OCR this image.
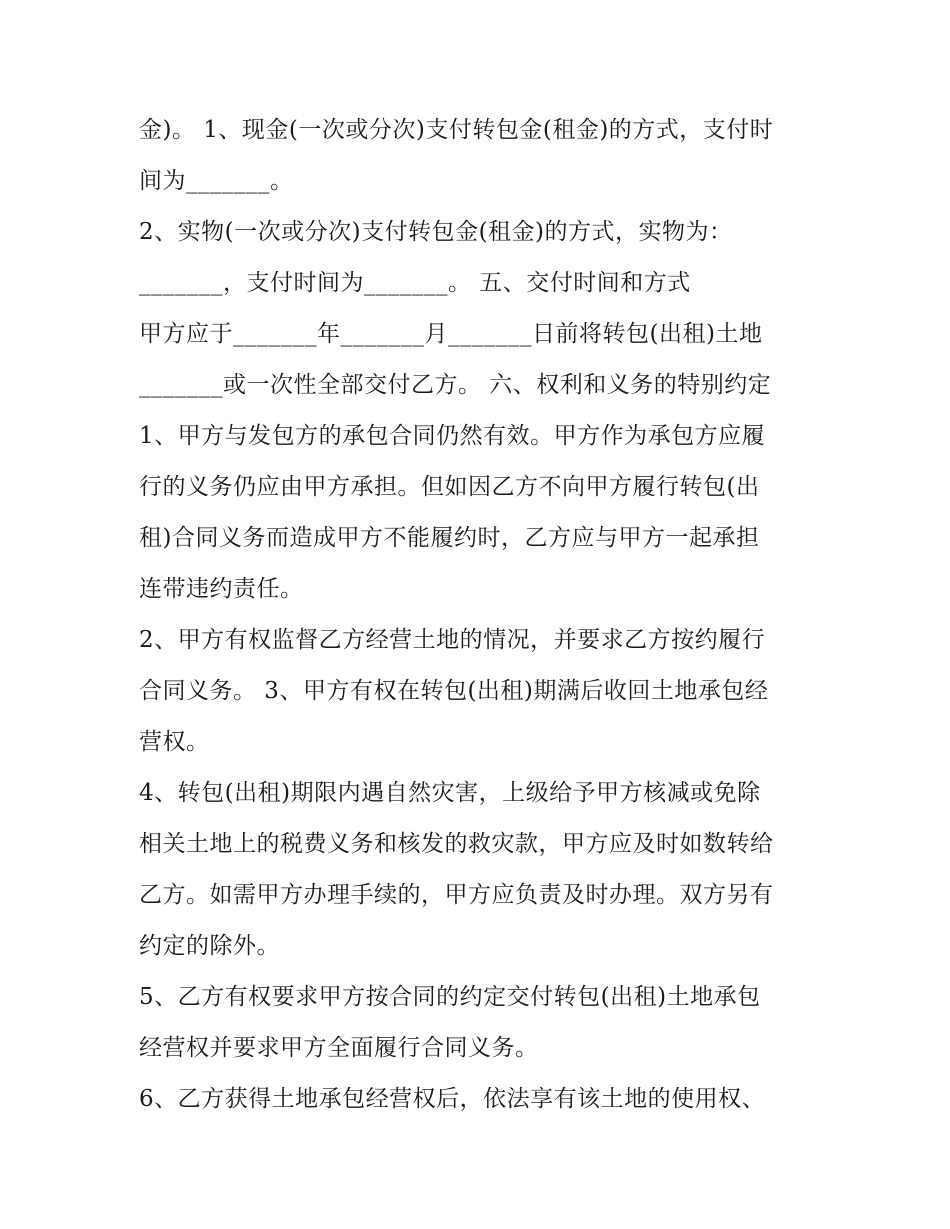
金)。 1、现金(一次或分次)支付转包金(租金)的方式，支付时
间为_______。
2、实物(一次或分次)支付转包金(租金)的方式，实物为：
_______，支付时间为_______。 五、交付时间和方式
甲方应于_______年_______月_______日前将转包(出租)土地
_______或一次性全部交付乙方。 六、权利和义务的特别约定
1、甲方与发包方的承包合同仍然有效。甲方作为承包方应履
行的义务仍应由甲方承担。但如因乙方不向甲方履行转包(出
租)合同义务而造成甲方不能履约时，乙方应与甲方一起承担
连带违约责任。
2、甲方有权监督乙方经营土地的情况，并要求乙方按约履行
合同义务。 3、甲方有权在转包(出租)期满后收回土地承包经
营权。
4、转包(出租)期限内遇自然灾害，上级给予甲方核减或免除
相关土地上的税费义务和核发的救灾款，甲方应及时如数转给
乙方。如需甲方办理手续的，甲方应负责及时办理。双方另有
约定的除外。
5、乙方有权要求甲方按合同的约定交付转包(出租)土地承包
经营权并要求甲方全面履行合同义务。
6、乙方获得土地承包经营权后，依法享有该土地的使用权、
